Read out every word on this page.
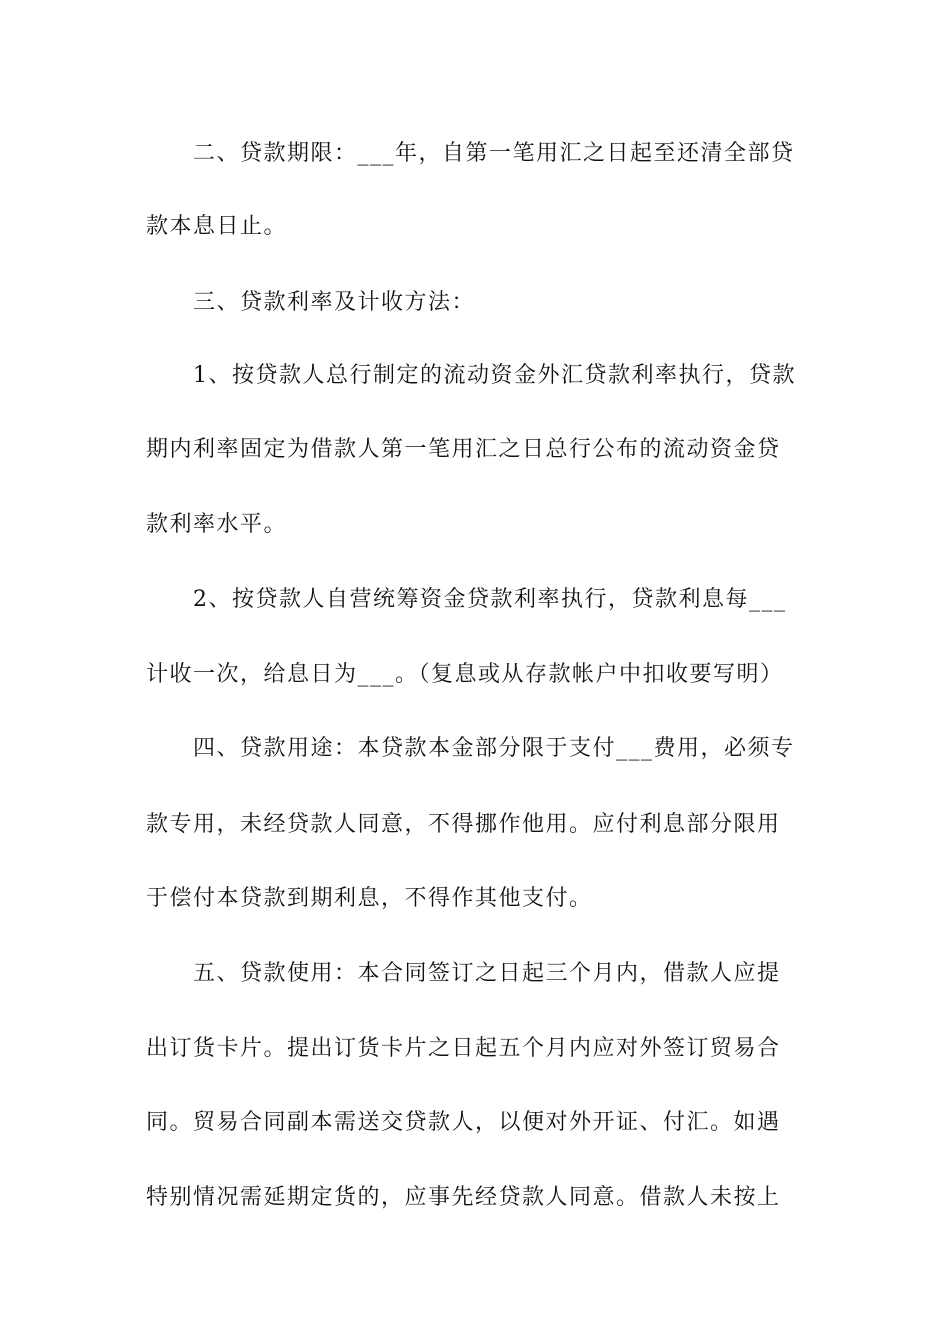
二、贷款期限：___年，自第一笔用汇之日起至还清全部贷
款本息日止。
三、贷款利率及计收方法：
1、按贷款人总行制定的流动资金外汇贷款利率执行，贷款
期内利率固定为借款人第一笔用汇之日总行公布的流动资金贷
款利率水平。
2、按贷款人自营统筹资金贷款利率执行，贷款利息每___
计收一次，给息日为___。（复息或从存款帐户中扣收要写明）
四、贷款用途：本贷款本金部分限于支付___费用，必须专
款专用，未经贷款人同意，不得挪作他用。应付利息部分限用
于偿付本贷款到期利息，不得作其他支付。
五、贷款使用：本合同签订之日起三个月内，借款人应提
出订货卡片。提出订货卡片之日起五个月内应对外签订贸易合
同。贸易合同副本需送交贷款人，以便对外开证、付汇。如遇
特别情况需延期定货的，应事先经贷款人同意。借款人未按上
